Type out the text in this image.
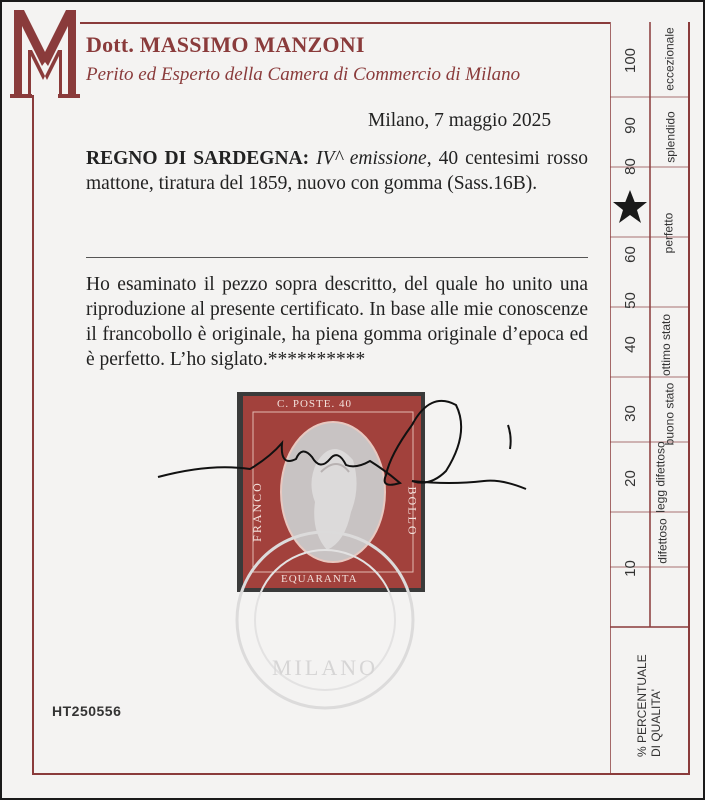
Dott. MASSIMO MANZONI
Perito ed Esperto della Camera di Commercio di Milano
Milano, 7 maggio 2025
REGNO DI SARDEGNA: IV^ emissione, 40 centesimi rosso mattone, tiratura del 1859, nuovo con gomma (Sass.16B).
Ho esaminato il pezzo sopra descritto, del quale ho unito una riproduzione al presente certificato. In base alle mie conoscenze il francobollo è originale, ha piena gomma originale d’epoca ed è perfetto. L’ho siglato.**********
C. POSTE. 40
EQUARANTA
FRANCO	BOLLO
MILANO
HT250556
100
90
80
60
50
40
30
20
10
eccezionale
splendido
perfetto
ottimo stato
buono stato
legg difettoso
difettoso
% PERCENTUALE DI QUALITA'
